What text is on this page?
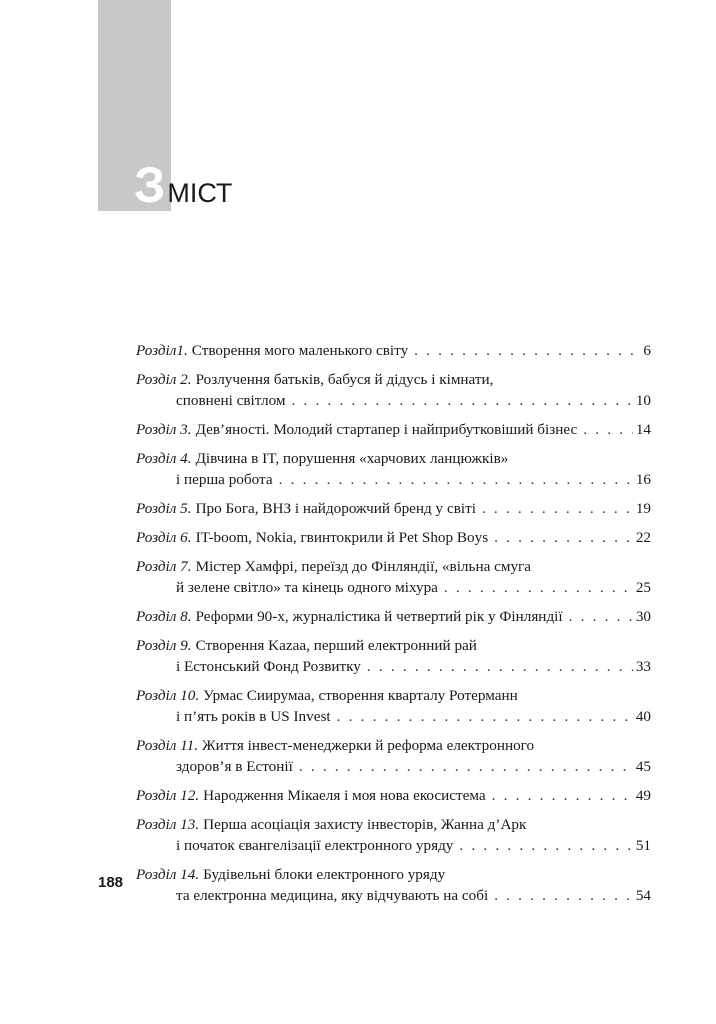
З МІСТ
Розділ1. Створення мого маленького світу . . .	6
Розділ 2. Розлучення батьків, бабуся й дідусь і кімнати,
сповнені світлом . . .	10
Розділ 3. Дев’яності. Молодий стартапер і найприбутковіший бізнес . . .	14
Розділ 4. Дівчина в IT, порушення «харчових ланцюжків»
і перша робота . . .	16
Розділ 5. Про Бога, ВНЗ і найдорожчий бренд у світі . . .	19
Розділ 6. IT-boom, Nokia, гвинтокрили й Pet Shop Boys . . .	22
Розділ 7. Містер Хамфрі, переїзд до Фінляндії, «вільна смуга
й зелене світло» та кінець одного міхура . . .	25
Розділ 8. Реформи 90-х, журналістика й четвертий рік у Фінляндії . . .	30
Розділ 9. Створення Kazaa, перший електронний рай
і Естонський Фонд Розвитку . . .	33
Розділ 10. Урмас Сиирумаа, створення кварталу Ротерманн
і п’ять років в US Invest . . .	40
Розділ 11. Життя інвест-менеджерки й реформа електронного
здоров’я в Естонії . . .	45
Розділ 12. Народження Мікаеля і моя нова екосистема . . .	49
Розділ 13. Перша асоціація захисту інвесторів, Жанна д’Арк
і початок євангелізації електронного уряду . . .	51
Розділ 14. Будівельні блоки електронного уряду
та електронна медицина, яку відчувають на собі . . .	54
188
